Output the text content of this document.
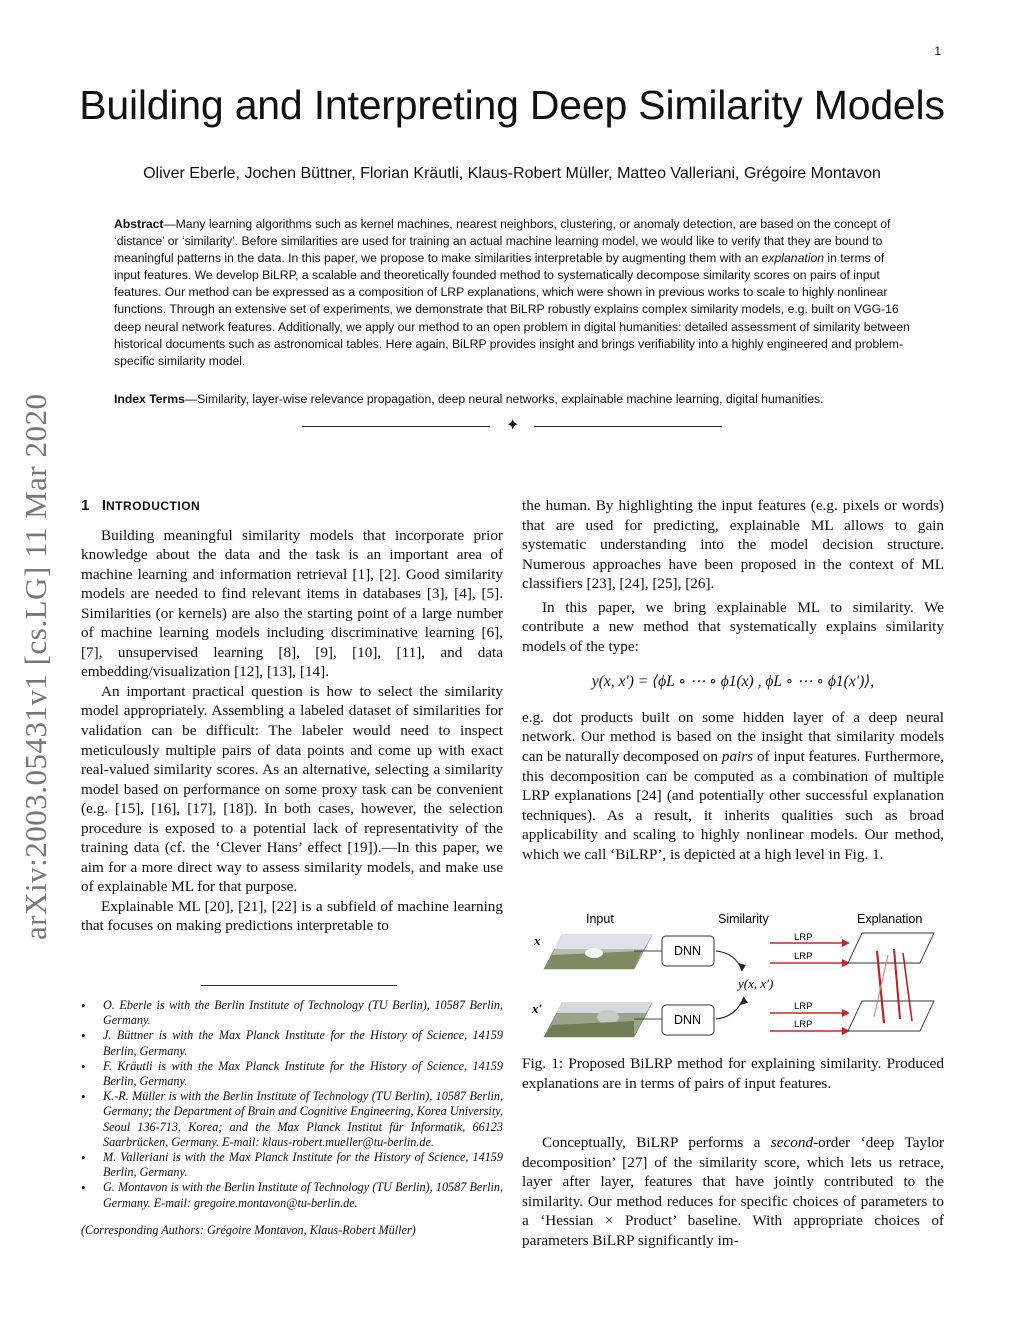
1
Building and Interpreting Deep Similarity Models
Oliver Eberle, Jochen Büttner, Florian Kräutli, Klaus-Robert Müller, Matteo Valleriani, Grégoire Montavon
Abstract—Many learning algorithms such as kernel machines, nearest neighbors, clustering, or anomaly detection, are based on the concept of ‘distance’ or ‘similarity’. Before similarities are used for training an actual machine learning model, we would like to verify that they are bound to meaningful patterns in the data. In this paper, we propose to make similarities interpretable by augmenting them with an explanation in terms of input features. We develop BiLRP, a scalable and theoretically founded method to systematically decompose similarity scores on pairs of input features. Our method can be expressed as a composition of LRP explanations, which were shown in previous works to scale to highly nonlinear functions. Through an extensive set of experiments, we demonstrate that BiLRP robustly explains complex similarity models, e.g. built on VGG-16 deep neural network features. Additionally, we apply our method to an open problem in digital humanities: detailed assessment of similarity between historical documents such as astronomical tables. Here again, BiLRP provides insight and brings verifiability into a highly engineered and problem-specific similarity model.
Index Terms—Similarity, layer-wise relevance propagation, deep neural networks, explainable machine learning, digital humanities.
✦
arXiv:2003.05431v1 [cs.LG] 11 Mar 2020 1 INTRODUCTION

Building meaningful similarity models that incorporate prior knowledge about the data and the task is an important area of machine learning and information retrieval [1], [2]. Good similarity models are needed to find relevant items in databases [3], [4], [5]. Similarities (or kernels) are also the starting point of a large number of machine learning models including discriminative learning [6], [7], unsupervised learning [8], [9], [10], [11], and data embedding/visualization [12], [13], [14].

An important practical question is how to select the similarity model appropriately. Assembling a labeled dataset of similarities for validation can be difficult: The labeler would need to inspect meticulously multiple pairs of data points and come up with exact real-valued similarity scores. As an alternative, selecting a similarity model based on performance on some proxy task can be convenient (e.g. [15], [16], [17], [18]). In both cases, however, the selection procedure is exposed to a potential lack of representativity of the training data (cf. the ‘Clever Hans’ effect [19]).—In this paper, we aim for a more direct way to assess similarity models, and make use of explainable ML for that purpose.

Explainable ML [20], [21], [22] is a subfield of machine learning that focuses on making predictions interpretable to

• O. Eberle is with the Berlin Institute of Technology (TU Berlin), 10587 Berlin, Germany.
• J. Büttner is with the Max Planck Institute for the History of Science, 14159 Berlin, Germany.
• F. Kräutli is with the Max Planck Institute for the History of Science, 14159 Berlin, Germany.
• K.-R. Müller is with the Berlin Institute of Technology (TU Berlin), 10587 Berlin, Germany; the Department of Brain and Cognitive Engineering, Korea University, Seoul 136-713, Korea; and the Max Planck Institut für Informatik, 66123 Saarbrücken, Germany. E-mail: klaus-robert.mueller@tu-berlin.de.
• M. Valleriani is with the Max Planck Institute for the History of Science, 14159 Berlin, Germany.
• G. Montavon is with the Berlin Institute of Technology (TU Berlin), 10587 Berlin, Germany. E-mail: gregoire.montavon@tu-berlin.de.
(Corresponding Authors: Grégoire Montavon, Klaus-Robert Müller)

the human. By highlighting the input features (e.g. pixels or words) that are used for predicting, explainable ML allows to gain systematic understanding into the model decision structure. Numerous approaches have been proposed in the context of ML classifiers [23], [24], [25], [26].

In this paper, we bring explainable ML to similarity. We contribute a new method that systematically explains similarity models of the type:

y(x, x′) = ⟨ϕL ∘ ⋯ ∘ ϕ1(x) , ϕL ∘ ⋯ ∘ ϕ1(x′)⟩,

e.g. dot products built on some hidden layer of a deep neural network. Our method is based on the insight that similarity models can be naturally decomposed on pairs of input features. Furthermore, this decomposition can be computed as a combination of multiple LRP explanations [24] (and potentially other successful explanation techniques). As a result, it inherits qualities such as broad applicability and scaling to highly nonlinear models. Our method, which we call ‘BiLRP’, is depicted at a high level in Fig. 1.

Input	Similarity	Explanation
x
x′
DNN
DNN
y(x, x′)
LRP
LRP
LRP
LRP
Fig. 1: Proposed BiLRP method for explaining similarity. Produced explanations are in terms of pairs of input features.

Conceptually, BiLRP performs a second-order ‘deep Taylor decomposition’ [27] of the similarity score, which lets us retrace, layer after layer, features that have jointly contributed to the similarity. Our method reduces for specific choices of parameters to a ‘Hessian × Product’ baseline. With appropriate choices of parameters BiLRP significantly im-
